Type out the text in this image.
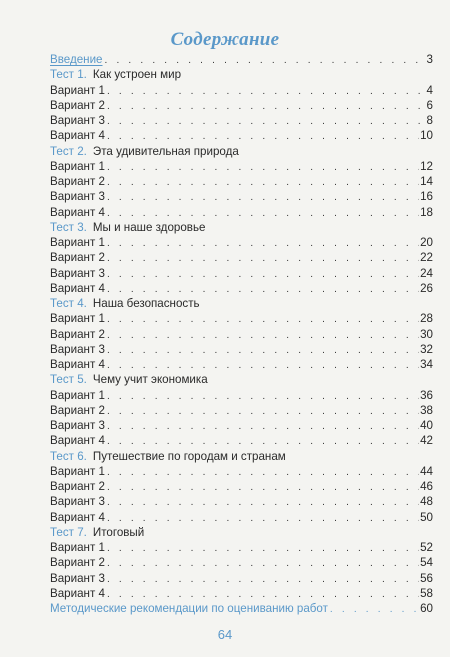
Содержание
Введение . . .	3
Тест 1. Как устроен мир
Вариант 1 . . .	4
Вариант 2 . . .	6
Вариант 3 . . .	8
Вариант 4 . . .	10
Тест 2. Эта удивительная природа
Вариант 1 . . .	12
Вариант 2 . . .	14
Вариант 3 . . .	16
Вариант 4 . . .	18
Тест 3. Мы и наше здоровье
Вариант 1 . . .	20
Вариант 2 . . .	22
Вариант 3 . . .	24
Вариант 4 . . .	26
Тест 4. Наша безопасность
Вариант 1 . . .	28
Вариант 2 . . .	30
Вариант 3 . . .	32
Вариант 4 . . .	34
Тест 5. Чему учит экономика
Вариант 1 . . .	36
Вариант 2 . . .	38
Вариант 3 . . .	40
Вариант 4 . . .	42
Тест 6. Путешествие по городам и странам
Вариант 1 . . .	44
Вариант 2 . . .	46
Вариант 3 . . .	48
Вариант 4 . . .	50
Тест 7. Итоговый
Вариант 1 . . .	52
Вариант 2 . . .	54
Вариант 3 . . .	56
Вариант 4 . . .	58
Методические рекомендации по оцениванию работ . . .	60
64
